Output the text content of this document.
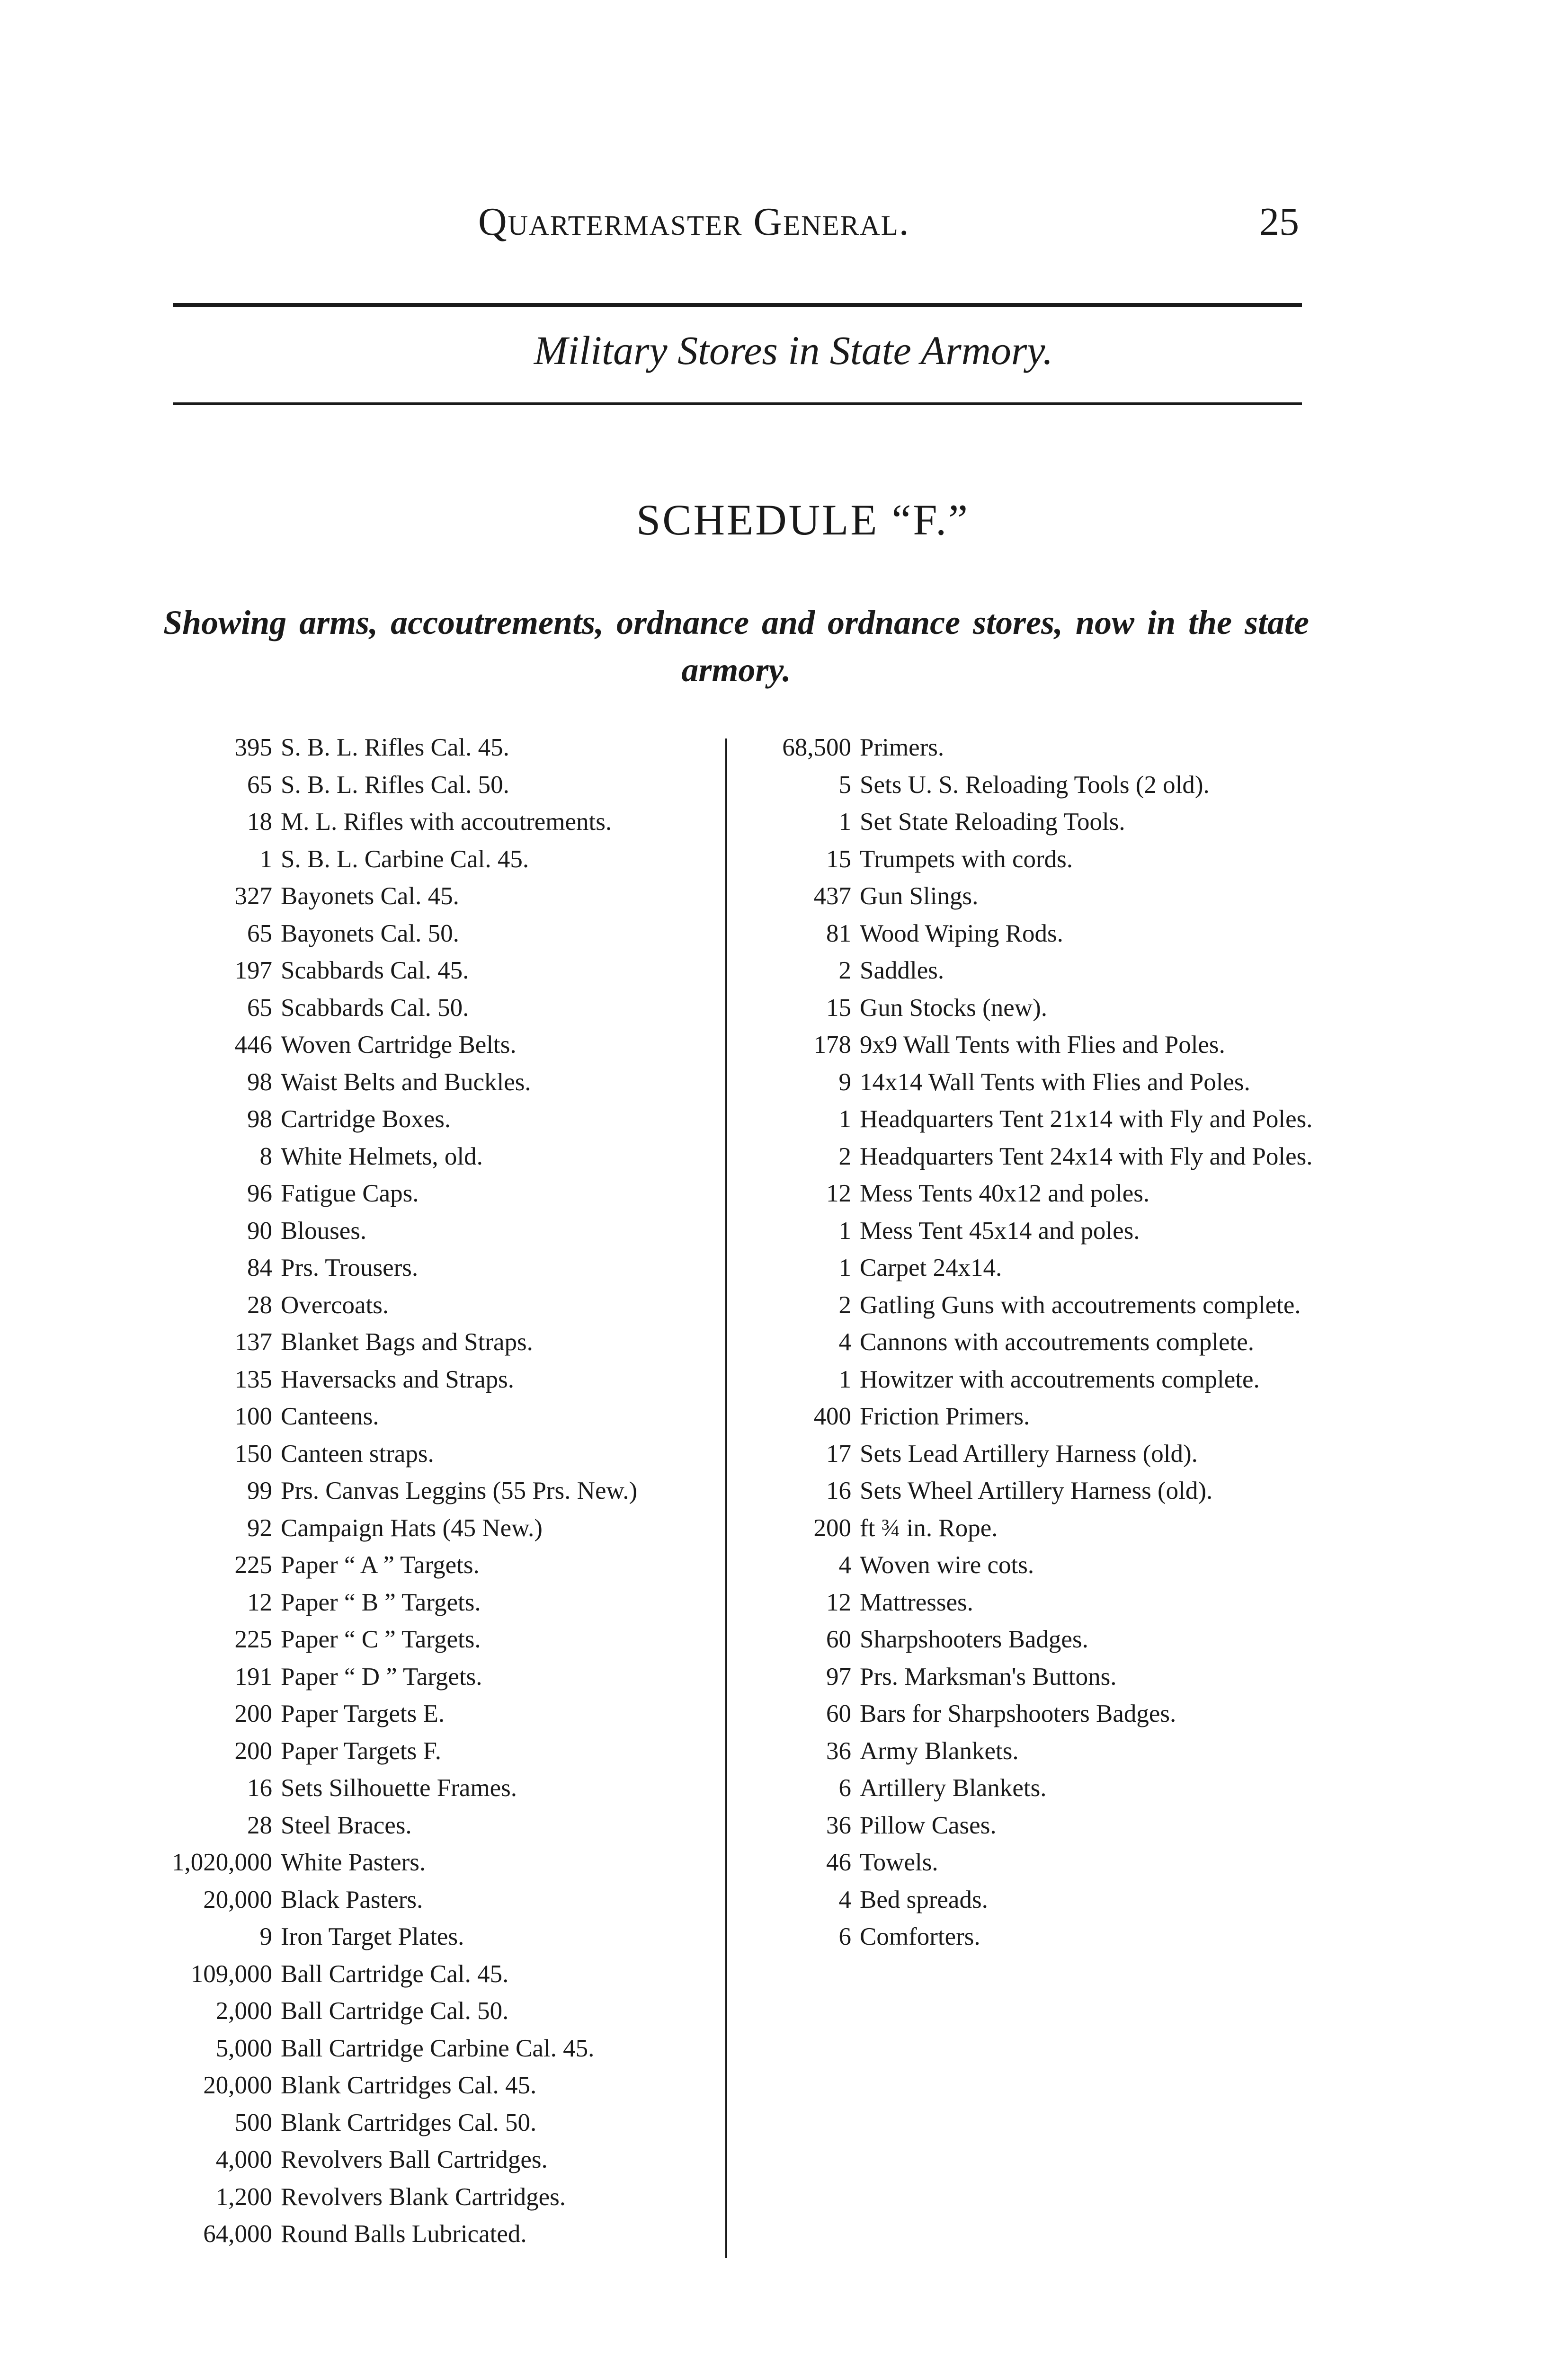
Quartermaster General.	25
Military Stores in State Armory.
SCHEDULE “F.”
Showing arms, accoutrements, ordnance and ordnance stores, now in the state armory.
395 S. B. L. Rifles Cal. 45.
65 S. B. L. Rifles Cal. 50.
18 M. L. Rifles with accoutrements.
1 S. B. L. Carbine Cal. 45.
327 Bayonets Cal. 45.
65 Bayonets Cal. 50.
197 Scabbards Cal. 45.
65 Scabbards Cal. 50.
446 Woven Cartridge Belts.
98 Waist Belts and Buckles.
98 Cartridge Boxes.
8 White Helmets, old.
96 Fatigue Caps.
90 Blouses.
84 Prs. Trousers.
28 Overcoats.
137 Blanket Bags and Straps.
135 Haversacks and Straps.
100 Canteens.
150 Canteen straps.
99 Prs. Canvas Leggins (55 Prs. New.)
92 Campaign Hats (45 New.)
225 Paper “ A ” Targets.
12 Paper “ B ” Targets.
225 Paper “ C ” Targets.
191 Paper “ D ” Targets.
200 Paper Targets E.
200 Paper Targets F.
16 Sets Silhouette Frames.
28 Steel Braces.
1,020,000 White Pasters.
20,000 Black Pasters.
9 Iron Target Plates.
109,000 Ball Cartridge Cal. 45.
2,000 Ball Cartridge Cal. 50.
5,000 Ball Cartridge Carbine Cal. 45.
20,000 Blank Cartridges Cal. 45.
500 Blank Cartridges Cal. 50.
4,000 Revolvers Ball Cartridges.
1,200 Revolvers Blank Cartridges.
64,000 Round Balls Lubricated.
68,500 Primers.
5 Sets U. S. Reloading Tools (2 old).
1 Set State Reloading Tools.
15 Trumpets with cords.
437 Gun Slings.
81 Wood Wiping Rods.
2 Saddles.
15 Gun Stocks (new).
178 9x9 Wall Tents with Flies and Poles.
9 14x14 Wall Tents with Flies and Poles.
1 Headquarters Tent 21x14 with Fly and Poles.
2 Headquarters Tent 24x14 with Fly and Poles.
12 Mess Tents 40x12 and poles.
1 Mess Tent 45x14 and poles.
1 Carpet 24x14.
2 Gatling Guns with accoutrements complete.
4 Cannons with accoutrements complete.
1 Howitzer with accoutrements complete.
400 Friction Primers.
17 Sets Lead Artillery Harness (old).
16 Sets Wheel Artillery Harness (old).
200 ft ¾ in. Rope.
4 Woven wire cots.
12 Mattresses.
60 Sharpshooters Badges.
97 Prs. Marksman's Buttons.
60 Bars for Sharpshooters Badges.
36 Army Blankets.
6 Artillery Blankets.
36 Pillow Cases.
46 Towels.
4 Bed spreads.
6 Comforters.
